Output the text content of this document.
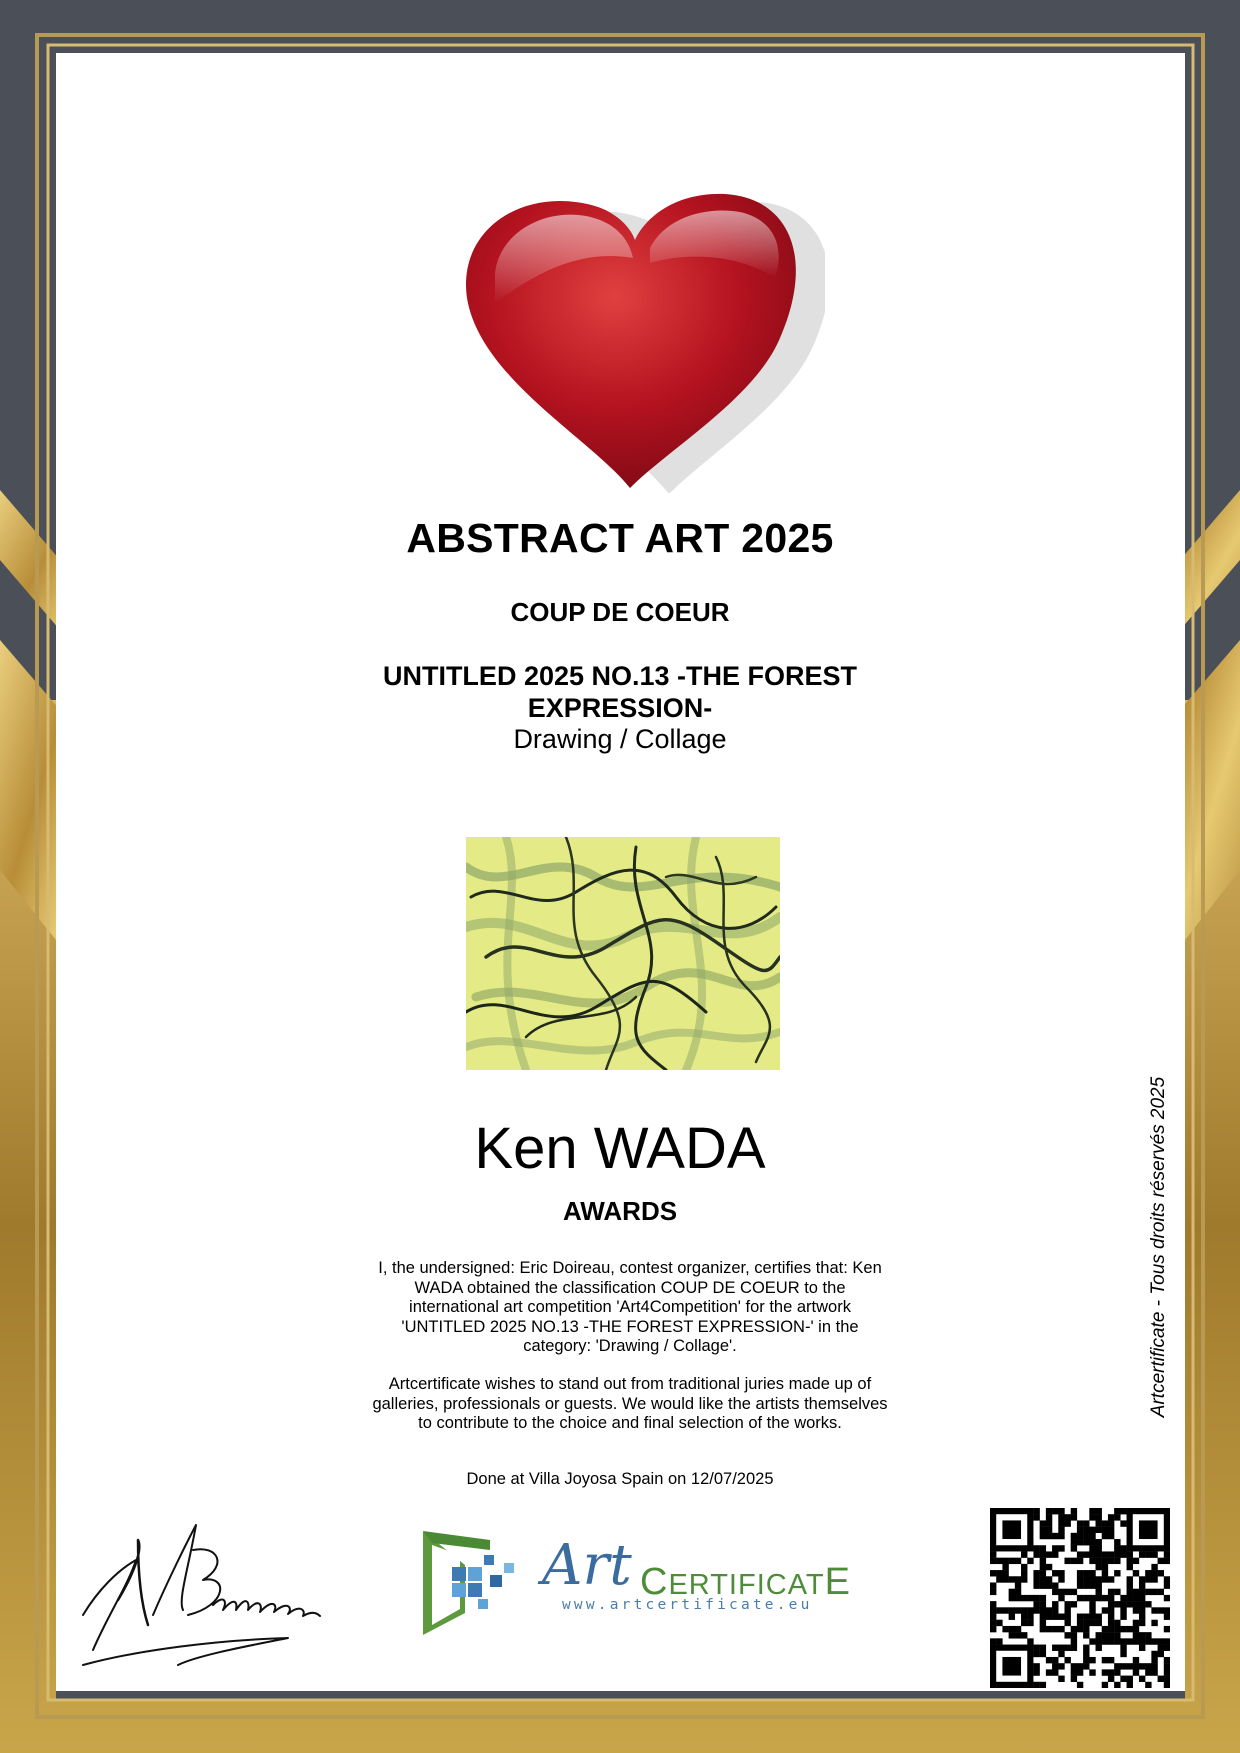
ABSTRACT ART 2025
COUP DE COEUR
UNTITLED 2025 NO.13 -THE FOREST
EXPRESSION-
Drawing / Collage
Ken WADA
AWARDS
I, the undersigned: Eric Doireau, contest organizer, certifies that: Ken WADA obtained the classification COUP DE COEUR to the international art competition 'Art4Competition' for the artwork 'UNTITLED 2025 NO.13 -THE FOREST EXPRESSION-' in the category: 'Drawing / Collage'.
Artcertificate wishes to stand out from traditional juries made up of galleries, professionals or guests. We would like the artists themselves to contribute to the choice and final selection of the works.
Done at Villa Joyosa Spain on 12/07/2025
Artcertificate - Tous droits réservés 2025
Art CERTIFICATE
www.artcertificate.eu
